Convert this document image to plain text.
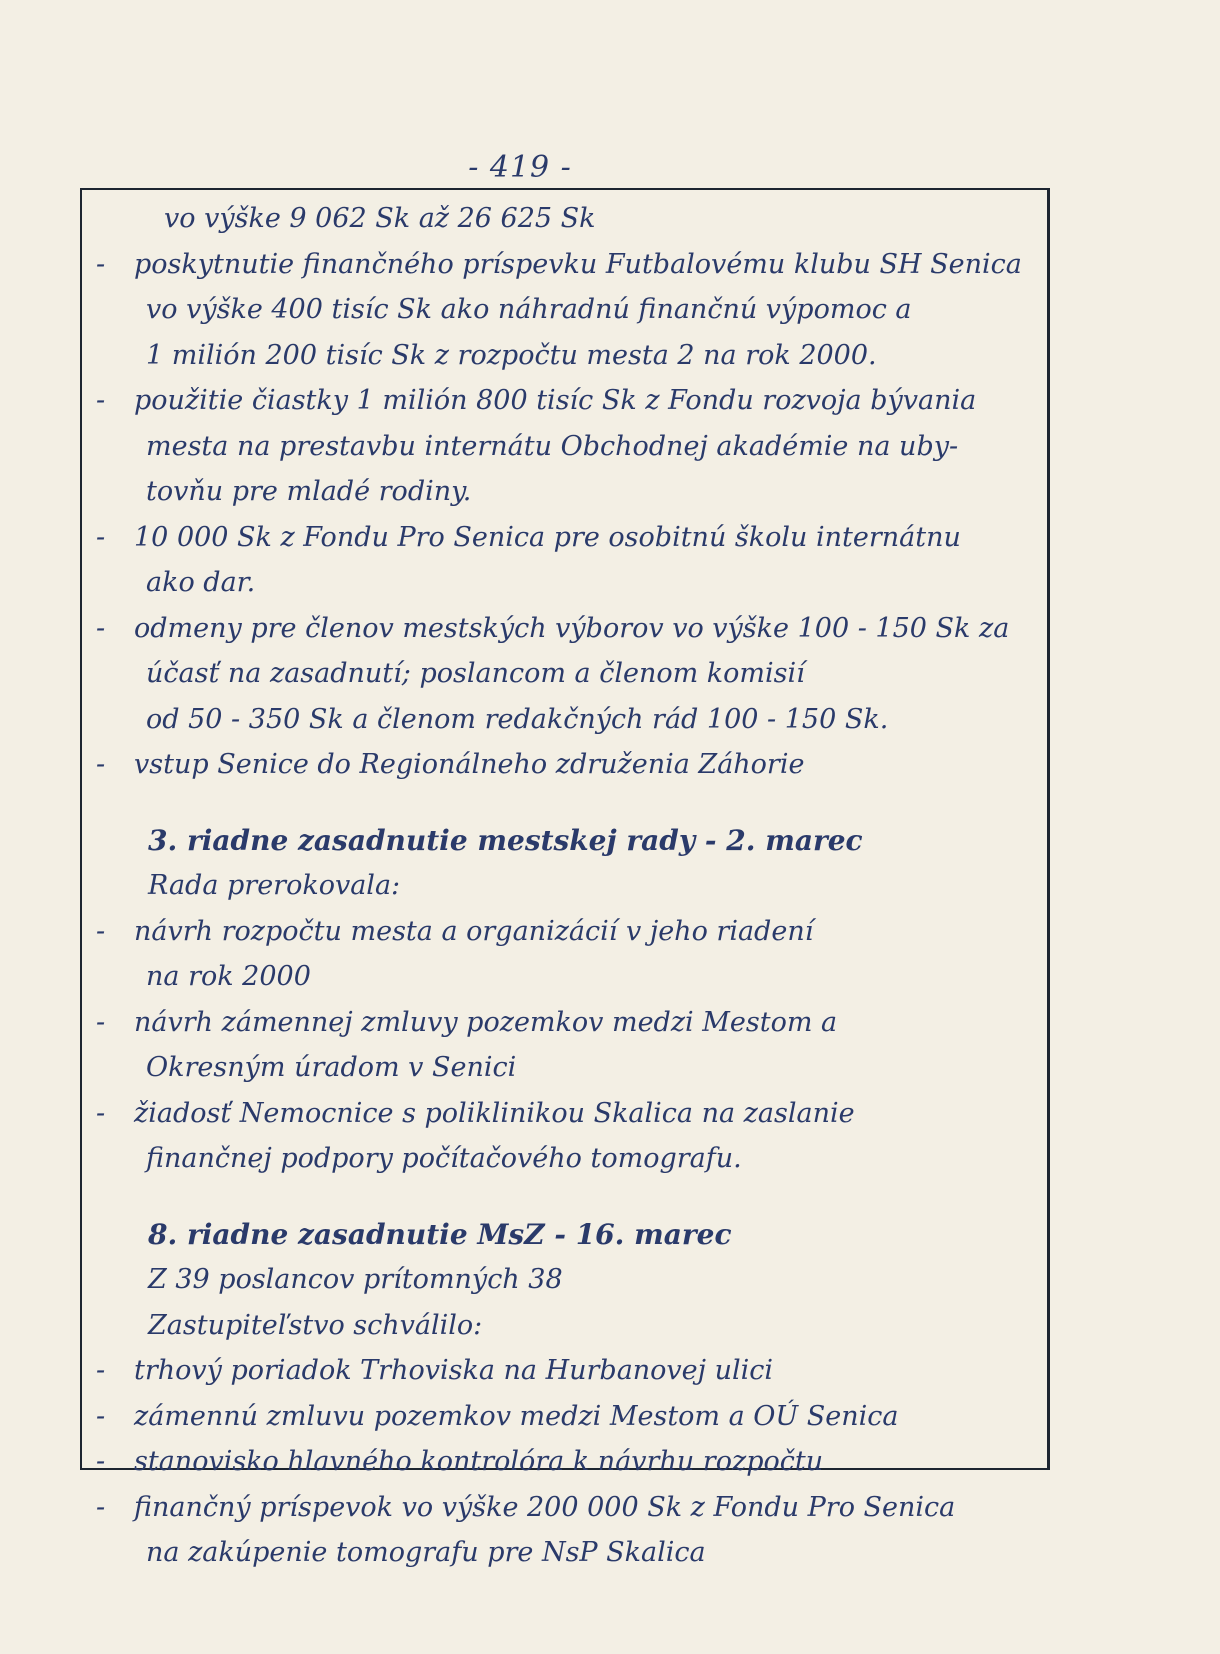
- 419 -

vo výške 9 062 Sk až 26 625 Sk
- poskytnutie finančného príspevku Futbalovému klubu SH Senica
vo výške 400 tisíc Sk ako náhradnú finančnú výpomoc a
1 milión 200 tisíc Sk z rozpočtu mesta 2 na rok 2000.
- použitie čiastky 1 milión 800 tisíc Sk z Fondu rozvoja bývania
mesta na prestavbu internátu Obchodnej akadémie na uby-
tovňu pre mladé rodiny.
- 10 000 Sk z Fondu Pro Senica pre osobitnú školu internátnu
ako dar.
- odmeny pre členov mestských výborov vo výške 100 - 150 Sk za
účasť na zasadnutí; poslancom a členom komisií
od 50 - 350 Sk a členom redakčných rád 100 - 150 Sk.
- vstup Senice do Regionálneho združenia Záhorie
3. riadne zasadnutie mestskej rady - 2. marec
Rada prerokovala:
- návrh rozpočtu mesta a organizácií v jeho riadení
na rok 2000
- návrh zámennej zmluvy pozemkov medzi Mestom a
Okresným úradom v Senici
- žiadosť Nemocnice s poliklinikou Skalica na zaslanie
finančnej podpory počítačového tomografu.
8. riadne zasadnutie MsZ - 16. marec
Z 39 poslancov prítomných 38
Zastupiteľstvo schválilo:
- trhový poriadok Trhoviska na Hurbanovej ulici
- zámennú zmluvu pozemkov medzi Mestom a OÚ Senica
- stanovisko hlavného kontrolóra k návrhu rozpočtu
- finančný príspevok vo výške 200 000 Sk z Fondu Pro Senica
na zakúpenie tomografu pre NsP Skalica
